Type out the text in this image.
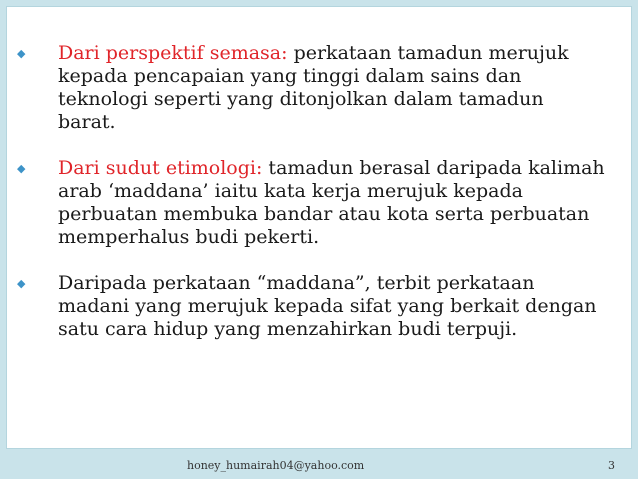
◆ Dari perspektif semasa: perkataan tamadun merujuk kepada pencapaian yang tinggi dalam sains dan teknologi seperti yang ditonjolkan dalam tamadun barat.
◆ Dari sudut etimologi: tamadun berasal daripada kalimah arab ‘maddana’ iaitu kata kerja merujuk kepada perbuatan membuka bandar atau kota serta perbuatan memperhalus budi pekerti.
◆ Daripada perkataan “maddana”, terbit perkataan madani yang merujuk kepada sifat yang berkait dengan satu cara hidup yang menzahirkan budi terpuji.
honey_humairah04@yahoo.com	3
